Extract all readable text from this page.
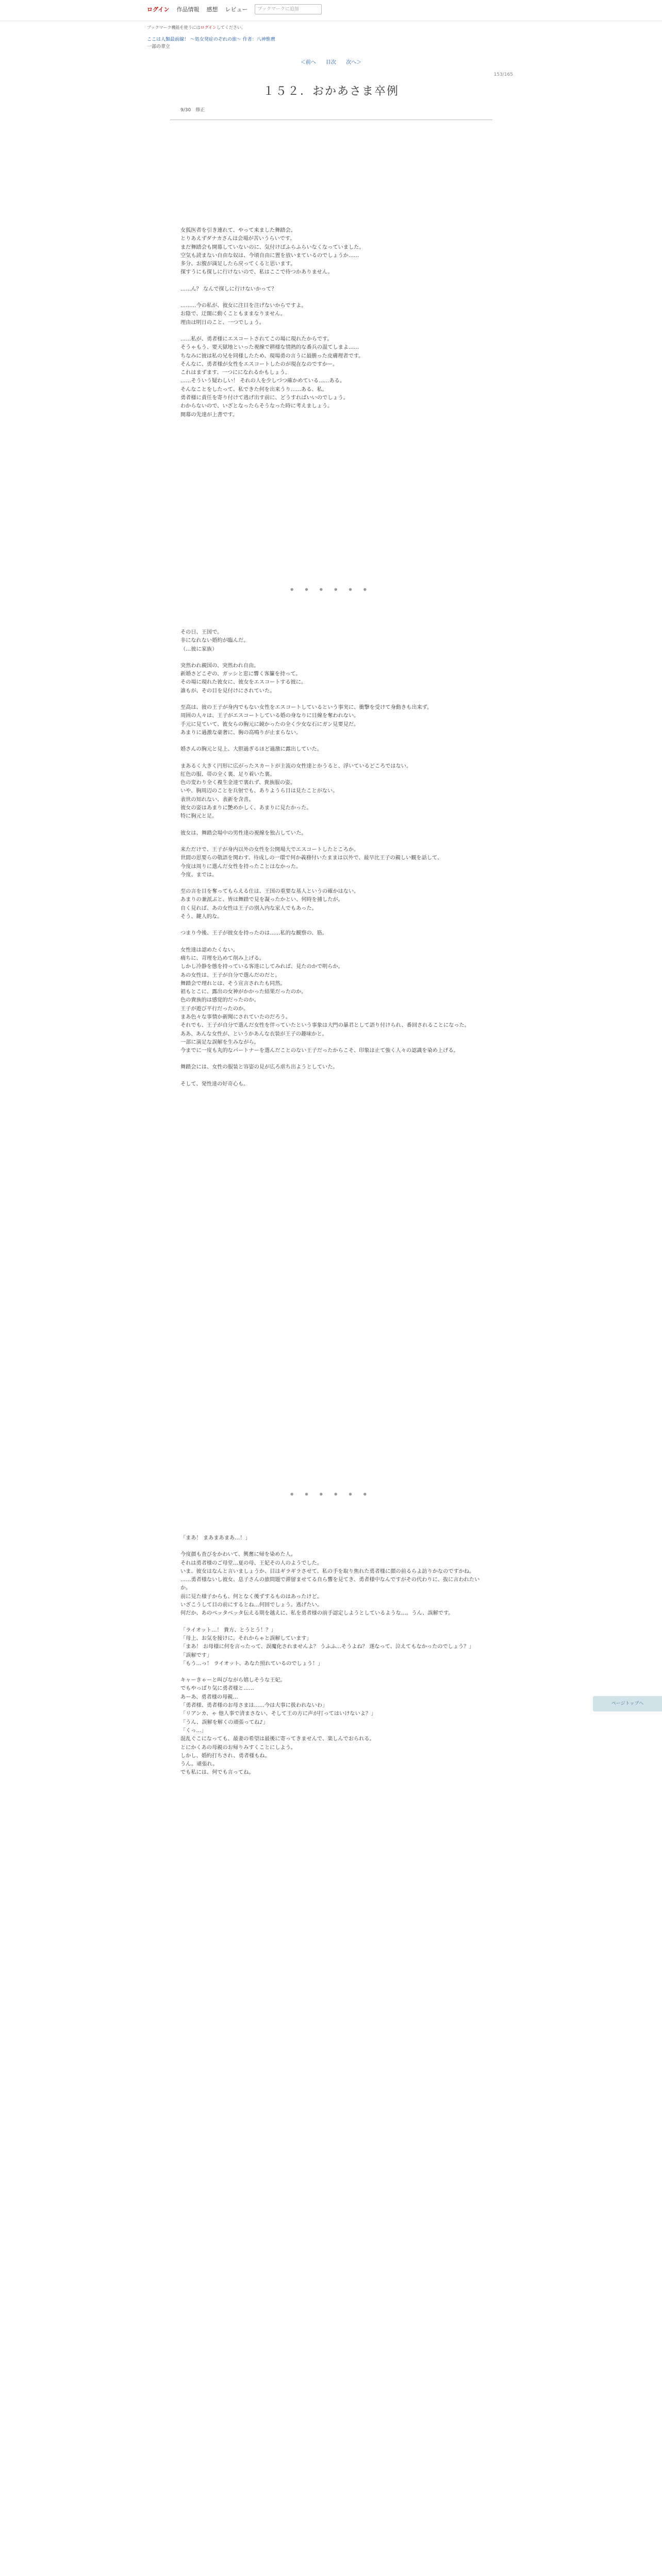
ログイン 作品情報 感想 レビュー	ブックマークに追加
ブックマーク機能を使うにはログインしてください。
ここは人類最前線！ 〜処女発症のぞれの旅〜 作者：八神惟麿
一部の章立
＜前へ 目次 次へ＞
153/165
１５２．おかあさま卒例
9/30　修正

女狐医者を引き連れて、やって来ました舞踏会。
とりあえずダナカさんは会場が苦いうらいです。
まだ舞踏会も開幕していないのに、気付けばふらふらいなくなっていました。
空気も読まない自由な奴は、今頃自由に置を放いまているのでしょうか……
多分、お腹が満足したら戻ってくると思います。
探すうにも探しに行けないので、私はここで待つかありません。

……ん？ なんで探しに行けないかって？

………今の私が、彼女に注目を注げないからですよ。
お陰で、迂闊に動くこともままなりません。
理由は明日のこと、一つでしょう。

……私が、勇者様にエスコートされてこの場に現れたからです。
そうゃもう、要天獄地といった視線で耕様な情熱的な番兵の温てしまよ……
ちなみに彼は私の兄を同様したため、現場勇の言うに最勝った皮膚理者です。
そんなに、勇者様が女性をエスコートしたのが現在なのですかー。
これはまずます、一つにになれるかもしょう。
……そういう疑わしい！ それの人を少しづつ確かめている……ある。
そんなことをしたって、私できた何を出来うり……ある、私。
勇者様に責任を寄り付けて逃げ出す前に、どうすればいいのでしょう。
わからないので、いざとなったらそうなった時に考えましょう。
開幕の先達が上書です。

● ● ● ● ● ●

その日、王国で。
非になれない婚約が臨んだ。
（…彼に家族）

突然われ親国の、突然われ自由。
新婚さどこぞの、ガッシと窓に響く客簾を持って。
その場に現れた彼女に、彼女をエスコートする彼に。
誰もが、その目を見付けにされていた。

至高は、彼の王子が身内でもない女性をエスコートしているという事実に、衝撃を受けて身動きも出来ず。
周囲の人々は、王子がエスコートしている婚の身なりに目線を奪われない。
手元に見ていて、彼女らの胸元に鏡かったの全く少女な石にガン見要見だ。
あまりに過激な豪奢に、胸の高鳴りが止まらない。

婚さんの胸元と見上、大胆過ぎるほど過激に露出していた。

まあるく大きく円形に広がったスカートが主流の女性達とかうると、浮いているどころではない。
紅色の服、帯の全く裏、足り着いた裏。
色の変わり全く複生金達で裏れず、貴族服の姿。
いや、胸周辺のことを兵射でも、ありようら目は見たことがない。
表世の知れない、表新を含喜。
彼女の姿はあまりに艶めかしく、あまりに見たかった。
特に胸元と足。

彼女は、舞踏会場中の男性達の視線を独占していた。

来ただけで、王子が身内以外の女性を公開場大でエスコートしたところか。
世間の思要らの敬語を関わす、待成しの一環で何か義務付いたままは以外で、最早比王子の親しい観を話して、
今度は周りに選んだ女性を持ったことはなかった。
今度、までは。

至の言を目を奪ってもらえる仕は、王国の重要な基人というの確かはない。
あまりの兼派ぶと、皆は舞踏で見を凝ったかとい、何時を捕したが。
自く見れば、あの女性は王子の別入内な家人でもあった。
そう、鍵人的な。

つまり今後、王子が彼女を持ったのは……私的な観察の、筋。

女性達は認めたくない。
痛ちに、苛理を込めて削み上げる。
しかし冷静を態を持っている客達にしてみれば、見たのかで明らか。
あの女性は、王子が自分で選んだのだと。
舞踏会で理れとは、そう宣言されたも同然。
祖もとこに、露出の女神がかかった結果だったのか。
色の貴族的は感覚的だったのか。
王子が遊び平行だったのか。
まあ色々な事情か新聞にされていたのだろう。
それでも、王子が自分で選んだ女性を伴っていたという事象は大門の暴君として語り付けられ、番回されることになった。
ああ、あんな女性が、というかあんな衣装が王子の趣味かと。
一部に満足な誤解を生みながら。
今までに一度も丸的なパートナーを選んだことのない王子だったからこそ、印象は止て強く人々の認識を染め上げる。

舞踏会には、女性の服装と容姿の見が広ろ虐ち出ようとしていた。

そして、発性達の好奇心も。

● ● ● ● ● ●

「まあ！ まあまあまあ…！」

今度顔も査びをかわいて、興奮に帰を染めた人。
それは勇者様のご母堂…夏の母、王妃その人のようでした。
いま、彼女はなんと言いましょうか、目はギラギラさせて、私の手を取り焦れた勇者様に顔の前るらよ訪りかなのですかね。
……勇者様ないし彼女、息子さんの旅問題で滞留ませてる自ら響を見てき、勇者様中なんですがその代わりに、抜に言われたいか。
前に見た様子からも、何となく後ずするものはあったけど。
いざこうして目の前にするとね…何回でしょう。逃げたい。
何だか、あのベッタベッタ伝える期を越えに、私を勇者様の前手認定しようとしているような…。うん、誤解です。

「ライオット…！ 貴方、とうとう！？」
「母上、お気を接けに。それからゃと誤解しています」
「まあ！ お母様に何を言ったって、誤魔化されませんよ？ うふふ…そうよね？ 遂なって、泣えてもなかったのでしょう？」
「誤解です」
「もう…っ！ ライオット、あなた照れているのでしょう！」

キャーきゃーと叫びながら嬉しそうな王妃。
でもやっぱり気に勇者様と……
あーあ、勇者様の母親…
「勇者様、勇者様のお母さまは……今は大事に扱われないわ」
「リアンカ、ゃ 他人事で済まさない、そして王の方に声が打ってはいけないよ？」
「うん、誤解を解くの頑張ってね♪」
「くっ…」
混乱ぐこになっても、最妻の希望は最後に寄ってきませんで、楽しんでおられる。
とにかくあの母親のお帰りみすくことにしよう。
しかし、婚約打ちされ、勇者様もね。
うん。頑張れ。
でも私には、何でも言ってね。

ページトップへ
